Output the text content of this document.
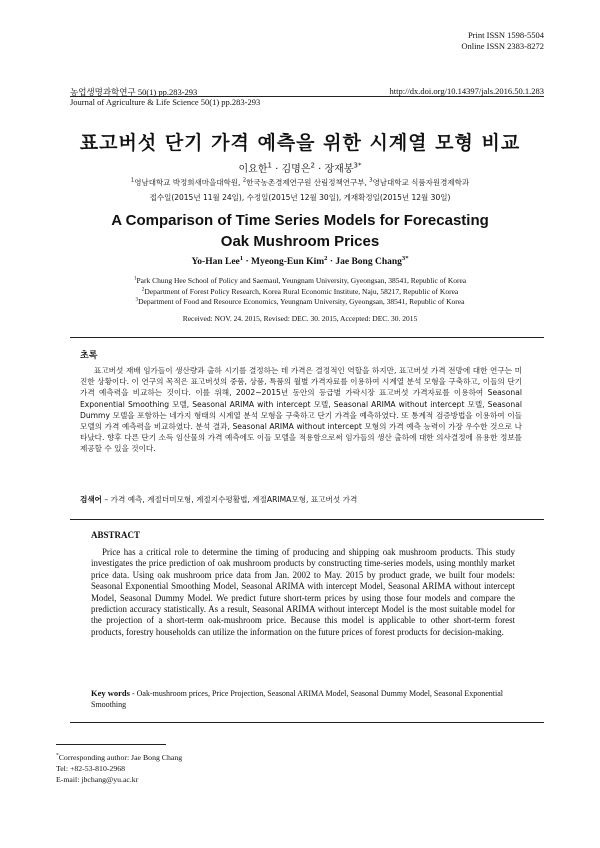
Print ISSN 1598-5504
Online ISSN 2383-8272
농업생명과학연구 50(1) pp.283-293	http://dx.doi.org/10.14397/jals.2016.50.1.283
Journal of Agriculture & Life Science 50(1) pp.283-293
표고버섯 단기 가격 예측을 위한 시계열 모형 비교
이요한$^1$ · 김명은$^2$ · 장재봉$^{3*}$
$^1$영남대학교 박정희새마을대학원, $^2$한국농촌경제연구원 산림정책연구부, $^3$영남대학교 식품자원경제학과
접수일(2015년 11월 24일), 수정일(2015년 12월 30일), 게재확정일(2015년 12월 30일)
A Comparison of Time Series Models for Forecasting
Oak Mushroom Prices
Yo-Han Lee$^1$ · Myeong-Eun Kim$^2$ · Jae Bong Chang$^{3*}$
$^1$Park Chung Hee School of Policy and Saemaul, Yeungnam University, Gyeongsan, 38541, Republic of Korea
$^2$Department of Forest Policy Research, Korea Rural Economic Institute, Naju, 58217, Republic of Korea
$^3$Department of Food and Resource Economics, Yeungnam University, Gyeongsan, 38541, Republic of Korea
Received: NOV. 24. 2015, Revised: DEC. 30. 2015, Accepted: DEC. 30. 2015
초록
표고버섯 재배 임가들이 생산량과 출하 시기를 결정하는 데 가격은 결정적인 역할을 하지만, 표고버섯 가격 전망에 대한 연구는 미진한 상황이다. 이 연구의 목적은 표고버섯의 중품, 상품, 특품의 월별 가격자료를 이용하여 시계열 분석 모형을 구축하고, 이들의 단기 가격 예측력을 비교하는 것이다. 이를 위해, 2002~2015년 동안의 등급별 가락시장 표고버섯 가격자료를 이용하여 Seasonal Exponential Smoothing 모델, Seasonal ARIMA with intercept 모델, Seasonal ARIMA without intercept 모델, Seasonal Dummy 모델을 포함하는 네가지 형태의 시계열 분석 모형을 구축하고 단기 가격을 예측하였다. 또 통계적 검증방법을 이용하여 이들 모델의 가격 예측력을 비교하였다. 분석 결과, Seasonal ARIMA without intercept 모형의 가격 예측 능력이 가장 우수한 것으로 나타났다. 향후 다른 단기 소득 임산물의 가격 예측에도 이들 모델을 적용함으로써 임가들의 생산 출하에 대한 의사결정에 유용한 정보를 제공할 수 있을 것이다.
검색어 – 가격 예측, 계절더미모형, 계절지수평활법, 계절ARIMA모형, 표고버섯 가격
ABSTRACT
Price has a critical role to determine the timing of producing and shipping oak mushroom products. This study investigates the price prediction of oak mushroom products by constructing time-series models, using monthly market price data. Using oak mushroom price data from Jan. 2002 to May. 2015 by product grade, we built four models: Seasonal Exponential Smoothing Model, Seasonal ARIMA with intercept Model, Seasonal ARIMA without intercept Model, Seasonal Dummy Model. We predict future short-term prices by using those four models and compare the prediction accuracy statistically. As a result, Seasonal ARIMA without intercept Model is the most suitable model for the projection of a short-term oak-mushroom price. Because this model is applicable to other short-term forest products, forestry households can utilize the information on the future prices of forest products for decision-making.
Key words - Oak-mushroom prices, Price Projection, Seasonal ARIMA Model, Seasonal Dummy Model, Seasonal Exponential Smoothing
*Corresponding author: Jae Bong Chang
Tel: +82-53-810-2968
E-mail: jbchang@yu.ac.kr
